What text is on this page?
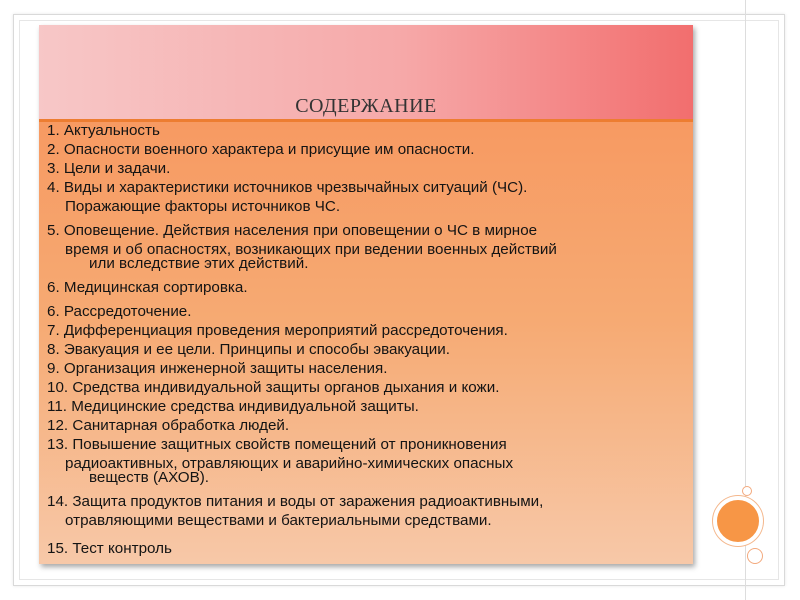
СОДЕРЖАНИЕ
1. Актуальность
2. Опасности военного характера и присущие им опасности.
3. Цели и задачи.
4. Виды и характеристики источников чрезвычайных ситуаций (ЧС).
Поражающие факторы источников ЧС.
5. Оповещение. Действия населения при оповещении о ЧС в мирное
время и об опасностях, возникающих при ведении военных действий
или вследствие этих действий.
6. Медицинская сортировка.
6. Рассредоточение.
7. Дифференциация проведения мероприятий рассредоточения.
8. Эвакуация и ее цели. Принципы и способы эвакуации.
9. Организация инженерной защиты населения.
10. Средства индивидуальной защиты органов дыхания и кожи.
11. Медицинские средства индивидуальной защиты.
12. Санитарная обработка людей.
13. Повышение защитных свойств помещений от проникновения
радиоактивных, отравляющих и аварийно-химических опасных
веществ (АХОВ).
14. Защита продуктов питания и воды от заражения радиоактивными,
отравляющими веществами и бактериальными средствами.
15. Тест контроль
